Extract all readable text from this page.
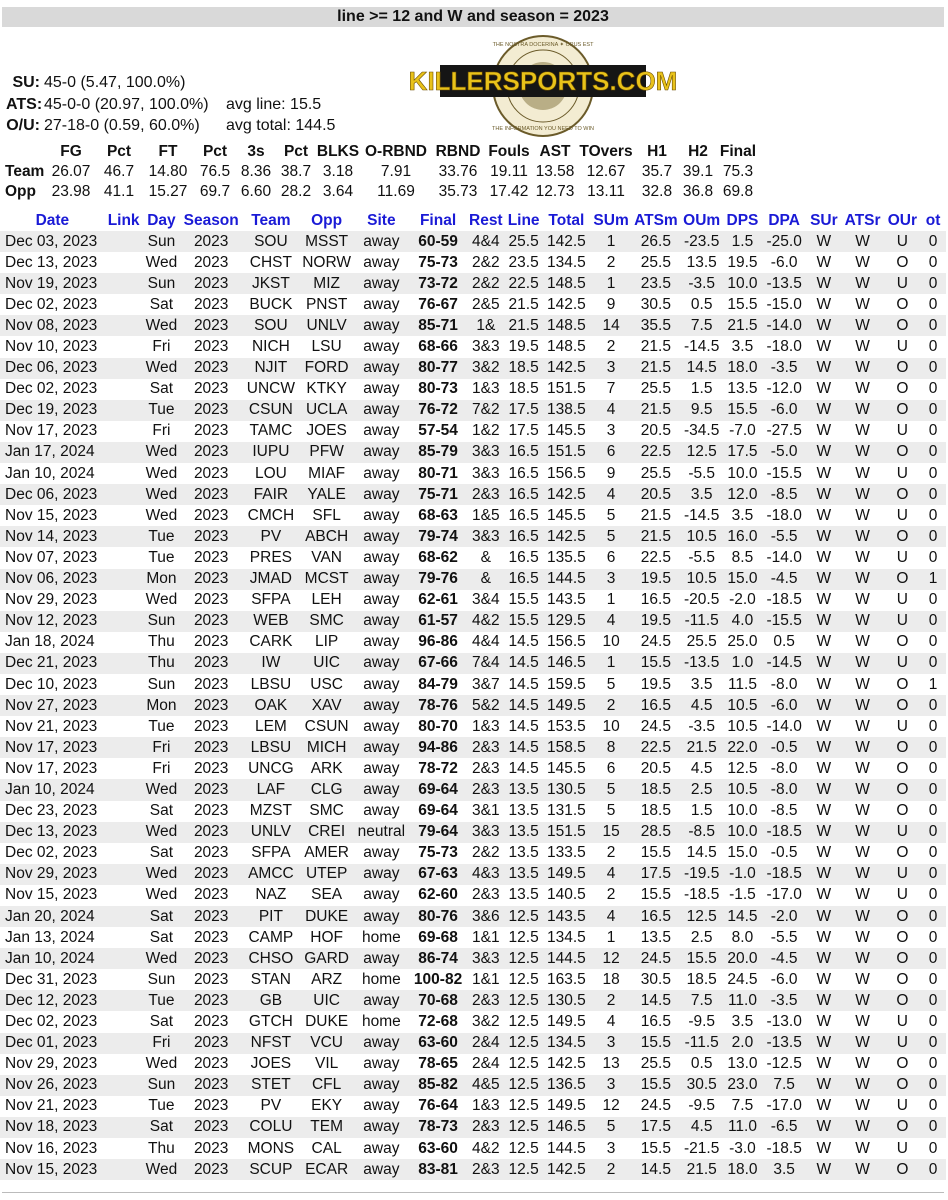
line >= 12 and W and season = 2023
SU: 45-0 (5.47, 100.0%)
ATS: 45-0-0 (20.97, 100.0%) avg line: 15.5
O/U: 27-18-0 (0.59, 60.0%) avg total: 144.5
KILLERSPORTS.COM
THE NOSTRA DOCERINA ✦ OPUS EST
THE INFORMATION YOU NEED TO WIN
	FG	Pct	FT	Pct	3s	Pct	BLKS	O-RBND	RBND	Fouls	AST	TOvers	H1	H2	Final
Team	26.07	46.7	14.80	76.5	8.36	38.7	3.18	7.91	33.76	19.11	13.58	12.67	35.7	39.1	75.3
Opp	23.98	41.1	15.27	69.7	6.60	28.2	3.64	11.69	35.73	17.42	12.73	13.11	32.8	36.8	69.8
Date	Link	Day	Season	Team	Opp	Site	Final	Rest	Line	Total	SUm	ATSm	OUm	DPS	DPA	SUr	ATSr	OUr	ot
Dec 03, 2023		Sun	2023	SOU	MSST	away	60-59	4&4	25.5	142.5	1	26.5	-23.5	1.5	-25.0	W	W	U	0
Dec 13, 2023		Wed	2023	CHST	NORW	away	75-73	2&2	23.5	134.5	2	25.5	13.5	19.5	-6.0	W	W	O	0
Nov 19, 2023		Sun	2023	JKST	MIZ	away	73-72	2&2	22.5	148.5	1	23.5	-3.5	10.0	-13.5	W	W	U	0
Dec 02, 2023		Sat	2023	BUCK	PNST	away	76-67	2&5	21.5	142.5	9	30.5	0.5	15.5	-15.0	W	W	O	0
Nov 08, 2023		Wed	2023	SOU	UNLV	away	85-71	1&	21.5	148.5	14	35.5	7.5	21.5	-14.0	W	W	O	0
Nov 10, 2023		Fri	2023	NICH	LSU	away	68-66	3&3	19.5	148.5	2	21.5	-14.5	3.5	-18.0	W	W	U	0
Dec 06, 2023		Wed	2023	NJIT	FORD	away	80-77	3&2	18.5	142.5	3	21.5	14.5	18.0	-3.5	W	W	O	0
Dec 02, 2023		Sat	2023	UNCW	KTKY	away	80-73	1&3	18.5	151.5	7	25.5	1.5	13.5	-12.0	W	W	O	0
Dec 19, 2023		Tue	2023	CSUN	UCLA	away	76-72	7&2	17.5	138.5	4	21.5	9.5	15.5	-6.0	W	W	O	0
Nov 17, 2023		Fri	2023	TAMC	JOES	away	57-54	1&2	17.5	145.5	3	20.5	-34.5	-7.0	-27.5	W	W	U	0
Jan 17, 2024		Wed	2023	IUPU	PFW	away	85-79	3&3	16.5	151.5	6	22.5	12.5	17.5	-5.0	W	W	O	0
Jan 10, 2024		Wed	2023	LOU	MIAF	away	80-71	3&3	16.5	156.5	9	25.5	-5.5	10.0	-15.5	W	W	U	0
Dec 06, 2023		Wed	2023	FAIR	YALE	away	75-71	2&3	16.5	142.5	4	20.5	3.5	12.0	-8.5	W	W	O	0
Nov 15, 2023		Wed	2023	CMCH	SFL	away	68-63	1&5	16.5	145.5	5	21.5	-14.5	3.5	-18.0	W	W	U	0
Nov 14, 2023		Tue	2023	PV	ABCH	away	79-74	3&3	16.5	142.5	5	21.5	10.5	16.0	-5.5	W	W	O	0
Nov 07, 2023		Tue	2023	PRES	VAN	away	68-62	&	16.5	135.5	6	22.5	-5.5	8.5	-14.0	W	W	U	0
Nov 06, 2023		Mon	2023	JMAD	MCST	away	79-76	&	16.5	144.5	3	19.5	10.5	15.0	-4.5	W	W	O	1
Nov 29, 2023		Wed	2023	SFPA	LEH	away	62-61	3&4	15.5	143.5	1	16.5	-20.5	-2.0	-18.5	W	W	U	0
Nov 12, 2023		Sun	2023	WEB	SMC	away	61-57	4&2	15.5	129.5	4	19.5	-11.5	4.0	-15.5	W	W	U	0
Jan 18, 2024		Thu	2023	CARK	LIP	away	96-86	4&4	14.5	156.5	10	24.5	25.5	25.0	0.5	W	W	O	0
Dec 21, 2023		Thu	2023	IW	UIC	away	67-66	7&4	14.5	146.5	1	15.5	-13.5	1.0	-14.5	W	W	U	0
Dec 10, 2023		Sun	2023	LBSU	USC	away	84-79	3&7	14.5	159.5	5	19.5	3.5	11.5	-8.0	W	W	O	1
Nov 27, 2023		Mon	2023	OAK	XAV	away	78-76	5&2	14.5	149.5	2	16.5	4.5	10.5	-6.0	W	W	O	0
Nov 21, 2023		Tue	2023	LEM	CSUN	away	80-70	1&3	14.5	153.5	10	24.5	-3.5	10.5	-14.0	W	W	U	0
Nov 17, 2023		Fri	2023	LBSU	MICH	away	94-86	2&3	14.5	158.5	8	22.5	21.5	22.0	-0.5	W	W	O	0
Nov 17, 2023		Fri	2023	UNCG	ARK	away	78-72	2&3	14.5	145.5	6	20.5	4.5	12.5	-8.0	W	W	O	0
Jan 10, 2024		Wed	2023	LAF	CLG	away	69-64	2&3	13.5	130.5	5	18.5	2.5	10.5	-8.0	W	W	O	0
Dec 23, 2023		Sat	2023	MZST	SMC	away	69-64	3&1	13.5	131.5	5	18.5	1.5	10.0	-8.5	W	W	O	0
Dec 13, 2023		Wed	2023	UNLV	CREI	neutral	79-64	3&3	13.5	151.5	15	28.5	-8.5	10.0	-18.5	W	W	U	0
Dec 02, 2023		Sat	2023	SFPA	AMER	away	75-73	2&2	13.5	133.5	2	15.5	14.5	15.0	-0.5	W	W	O	0
Nov 29, 2023		Wed	2023	AMCC	UTEP	away	67-63	4&3	13.5	149.5	4	17.5	-19.5	-1.0	-18.5	W	W	U	0
Nov 15, 2023		Wed	2023	NAZ	SEA	away	62-60	2&3	13.5	140.5	2	15.5	-18.5	-1.5	-17.0	W	W	U	0
Jan 20, 2024		Sat	2023	PIT	DUKE	away	80-76	3&6	12.5	143.5	4	16.5	12.5	14.5	-2.0	W	W	O	0
Jan 13, 2024		Sat	2023	CAMP	HOF	home	69-68	1&1	12.5	134.5	1	13.5	2.5	8.0	-5.5	W	W	O	0
Jan 10, 2024		Wed	2023	CHSO	GARD	away	86-74	3&3	12.5	144.5	12	24.5	15.5	20.0	-4.5	W	W	O	0
Dec 31, 2023		Sun	2023	STAN	ARZ	home	100-82	1&1	12.5	163.5	18	30.5	18.5	24.5	-6.0	W	W	O	0
Dec 12, 2023		Tue	2023	GB	UIC	away	70-68	2&3	12.5	130.5	2	14.5	7.5	11.0	-3.5	W	W	O	0
Dec 02, 2023		Sat	2023	GTCH	DUKE	home	72-68	3&2	12.5	149.5	4	16.5	-9.5	3.5	-13.0	W	W	U	0
Dec 01, 2023		Fri	2023	NFST	VCU	away	63-60	2&4	12.5	134.5	3	15.5	-11.5	2.0	-13.5	W	W	U	0
Nov 29, 2023		Wed	2023	JOES	VIL	away	78-65	2&4	12.5	142.5	13	25.5	0.5	13.0	-12.5	W	W	O	0
Nov 26, 2023		Sun	2023	STET	CFL	away	85-82	4&5	12.5	136.5	3	15.5	30.5	23.0	7.5	W	W	O	0
Nov 21, 2023		Tue	2023	PV	EKY	away	76-64	1&3	12.5	149.5	12	24.5	-9.5	7.5	-17.0	W	W	U	0
Nov 18, 2023		Sat	2023	COLU	TEM	away	78-73	2&3	12.5	146.5	5	17.5	4.5	11.0	-6.5	W	W	O	0
Nov 16, 2023		Thu	2023	MONS	CAL	away	63-60	4&2	12.5	144.5	3	15.5	-21.5	-3.0	-18.5	W	W	U	0
Nov 15, 2023		Wed	2023	SCUP	ECAR	away	83-81	2&3	12.5	142.5	2	14.5	21.5	18.0	3.5	W	W	O	0
